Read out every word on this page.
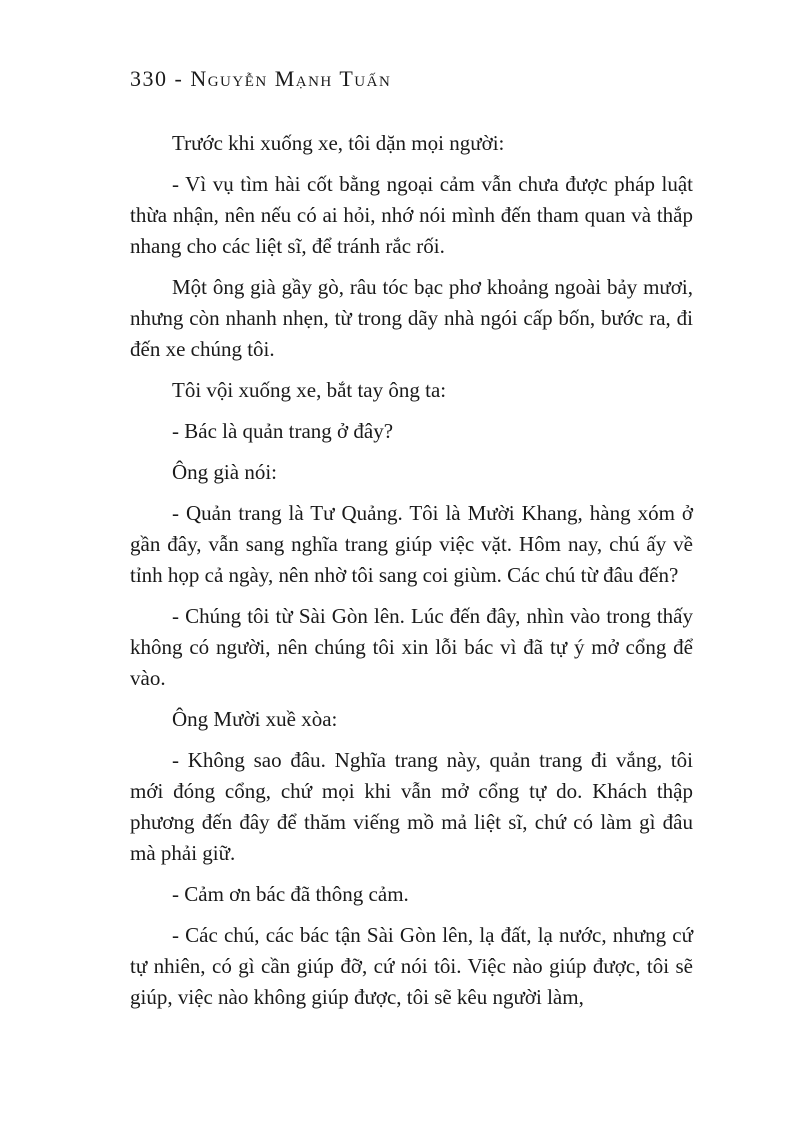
330 - Nguyễn Mạnh Tuấn

Trước khi xuống xe, tôi dặn mọi người:

- Vì vụ tìm hài cốt bằng ngoại cảm vẫn chưa được pháp luật thừa nhận, nên nếu có ai hỏi, nhớ nói mình đến tham quan và thắp nhang cho các liệt sĩ, để tránh rắc rối.

Một ông già gầy gò, râu tóc bạc phơ khoảng ngoài bảy mươi, nhưng còn nhanh nhẹn, từ trong dãy nhà ngói cấp bốn, bước ra, đi đến xe chúng tôi.

Tôi vội xuống xe, bắt tay ông ta:

- Bác là quản trang ở đây?

Ông già nói:

- Quản trang là Tư Quảng. Tôi là Mười Khang, hàng xóm ở gần đây, vẫn sang nghĩa trang giúp việc vặt. Hôm nay, chú ấy về tỉnh họp cả ngày, nên nhờ tôi sang coi giùm. Các chú từ đâu đến?

- Chúng tôi từ Sài Gòn lên. Lúc đến đây, nhìn vào trong thấy không có người, nên chúng tôi xin lỗi bác vì đã tự ý mở cổng để vào.

Ông Mười xuề xòa:

- Không sao đâu. Nghĩa trang này, quản trang đi vắng, tôi mới đóng cổng, chứ mọi khi vẫn mở cổng tự do. Khách thập phương đến đây để thăm viếng mồ mả liệt sĩ, chứ có làm gì đâu mà phải giữ.

- Cảm ơn bác đã thông cảm.

- Các chú, các bác tận Sài Gòn lên, lạ đất, lạ nước, nhưng cứ tự nhiên, có gì cần giúp đỡ, cứ nói tôi. Việc nào giúp được, tôi sẽ giúp, việc nào không giúp được, tôi sẽ kêu người làm,
